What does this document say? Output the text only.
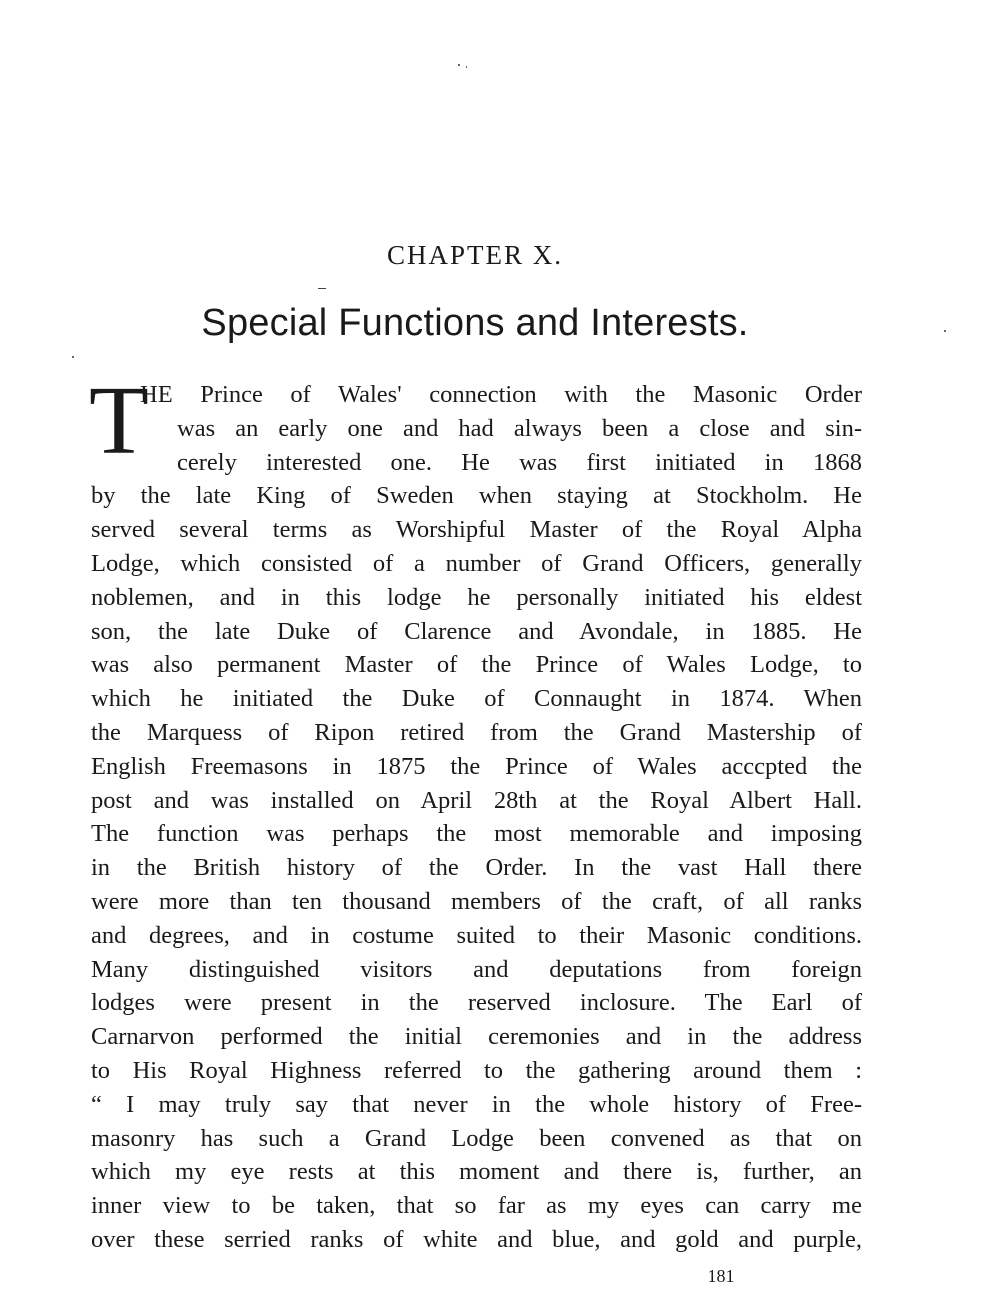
CHAPTER X.
Special Functions and Interests.
T
HE Prince of Wales' connection with the Masonic Order
was an early one and had always been a close and sin-
cerely interested one. He was first initiated in 1868
by the late King of Sweden when staying at Stockholm. He
served several terms as Worshipful Master of the Royal Alpha
Lodge, which consisted of a number of Grand Officers, generally
noblemen, and in this lodge he personally initiated his eldest
son, the late Duke of Clarence and Avondale, in 1885. He
was also permanent Master of the Prince of Wales Lodge, to
which he initiated the Duke of Connaught in 1874. When
the Marquess of Ripon retired from the Grand Mastership of
English Freemasons in 1875 the Prince of Wales acccpted the
post and was installed on April 28th at the Royal Albert Hall.
The function was perhaps the most memorable and imposing
in the British history of the Order. In the vast Hall there
were more than ten thousand members of the craft, of all ranks
and degrees, and in costume suited to their Masonic conditions.
Many distinguished visitors and deputations from foreign
lodges were present in the reserved inclosure. The Earl of
Carnarvon performed the initial ceremonies and in the address
to His Royal Highness referred to the gathering around them :
“ I may truly say that never in the whole history of Free-
masonry has such a Grand Lodge been convened as that on
which my eye rests at this moment and there is, further, an
inner view to be taken, that so far as my eyes can carry me
over these serried ranks of white and blue, and gold and purple,
181
